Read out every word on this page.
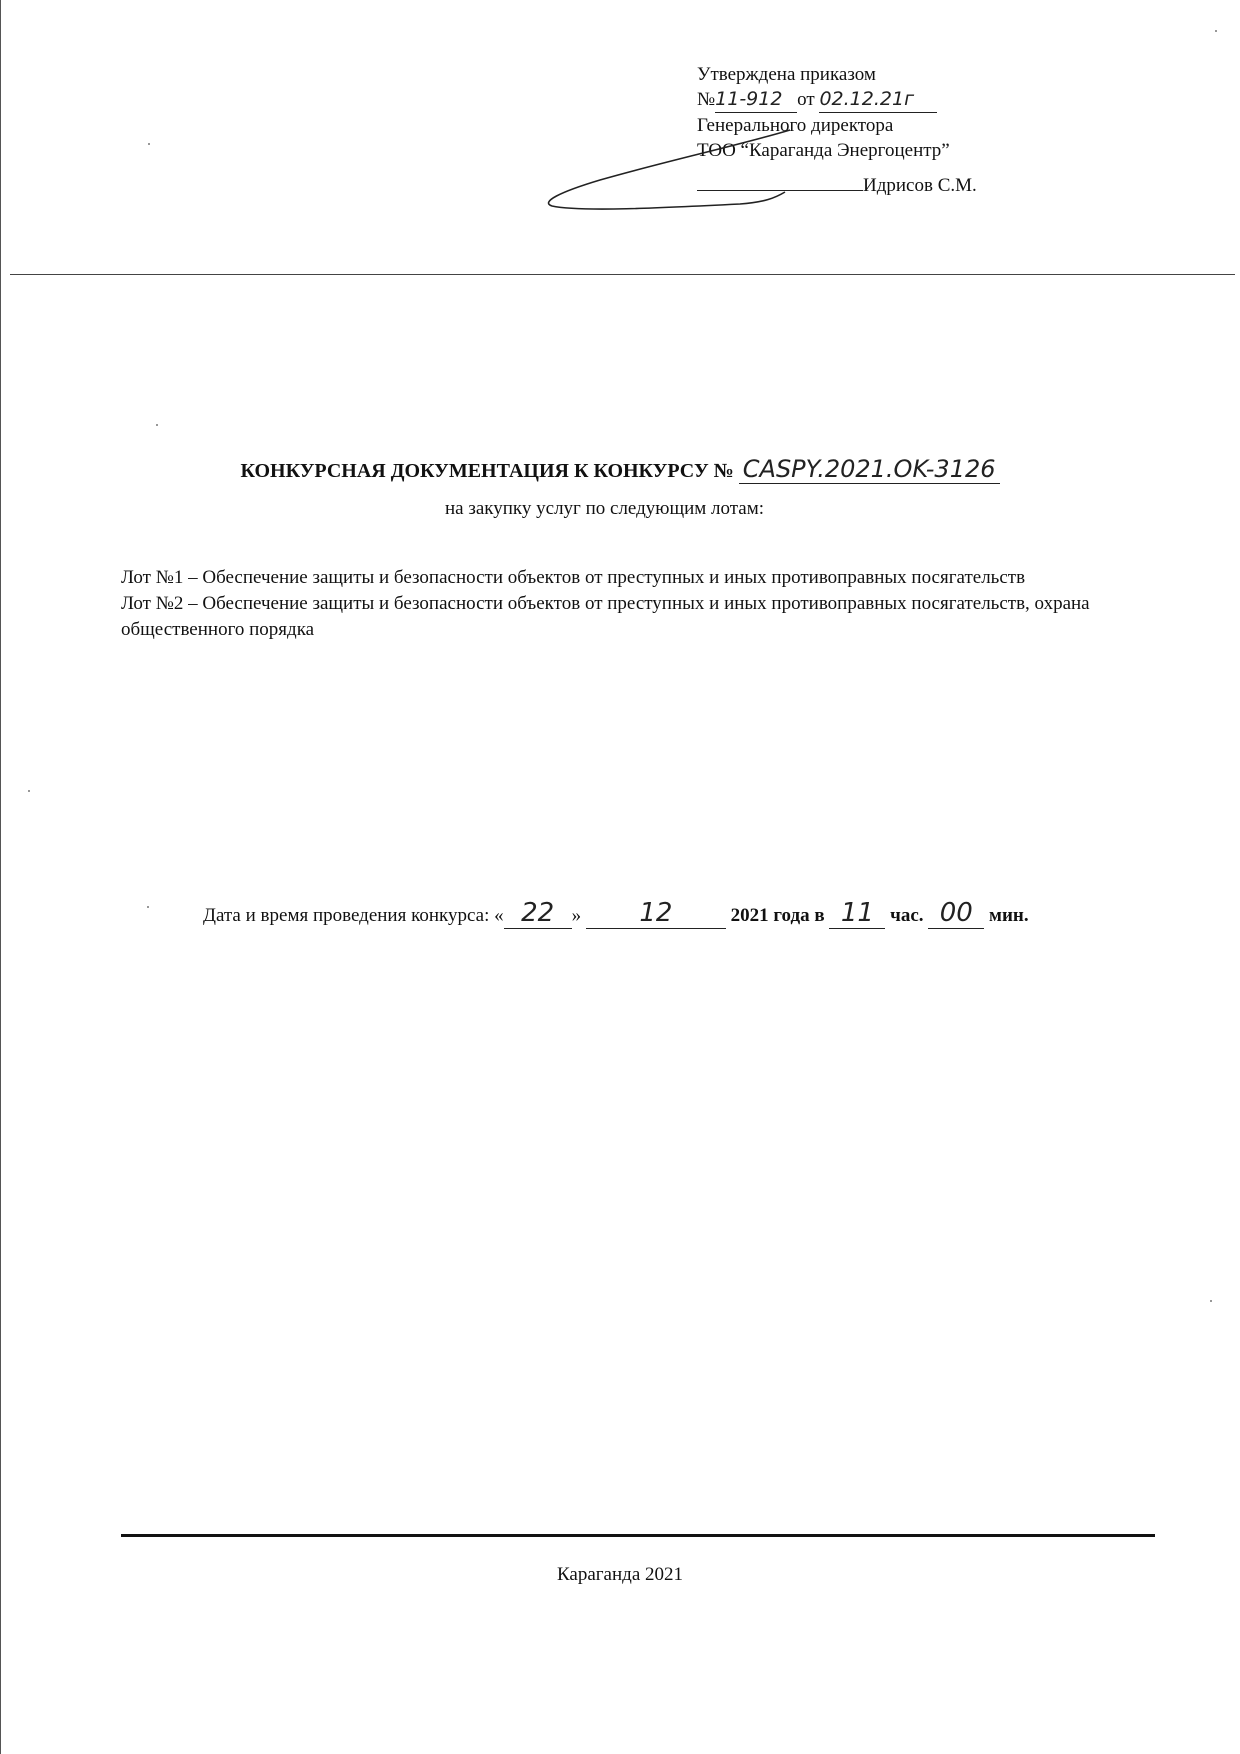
Утверждена приказом
№11-912 от 02.12.21г
Генерального директора
ТОО “Караганда Энергоцентр”
Идрисов С.М.
КОНКУРСНАЯ ДОКУМЕНТАЦИЯ К КОНКУРСУ № CASPY.2021.OK-3126
на закупку услуг по следующим лотам:
Лот №1 – Обеспечение защиты и безопасности объектов от преступных и иных противоправных посягательств
Лот №2 – Обеспечение защиты и безопасности объектов от преступных и иных противоправных посягательств, охрана общественного порядка
Дата и время проведения конкурса: « 22 » 12	2021 года в 11 час. 00 мин.
Караганда 2021
